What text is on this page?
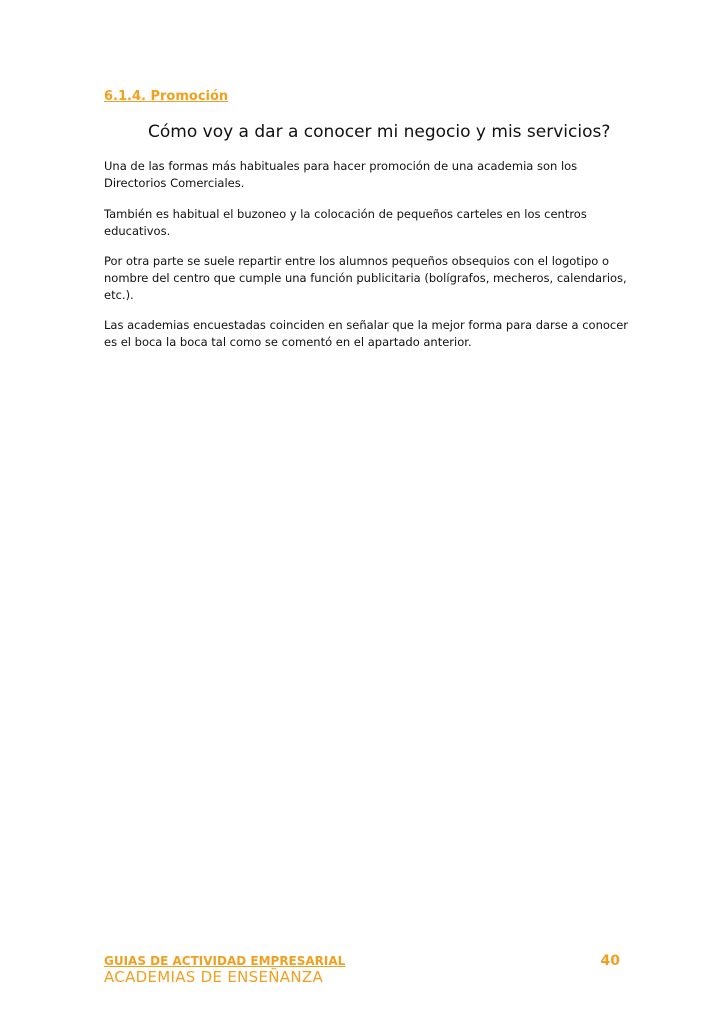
6.1.4. Promoción

Cómo voy a dar a conocer mi negocio y mis servicios?

Una de las formas más habituales para hacer promoción de una academia son los Directorios Comerciales.

También es habitual el buzoneo y la colocación de pequeños carteles en los centros educativos.

Por otra parte se suele repartir entre los alumnos pequeños obsequios con el logotipo o nombre del centro que cumple una función publicitaria (bolígrafos, mecheros, calendarios, etc.).

Las academias encuestadas coinciden en señalar que la mejor forma para darse a conocer es el boca la boca tal como se comentó en el apartado anterior.

GUIAS DE ACTIVIDAD EMPRESARIAL
ACADEMIAS DE ENSEÑANZA
40
